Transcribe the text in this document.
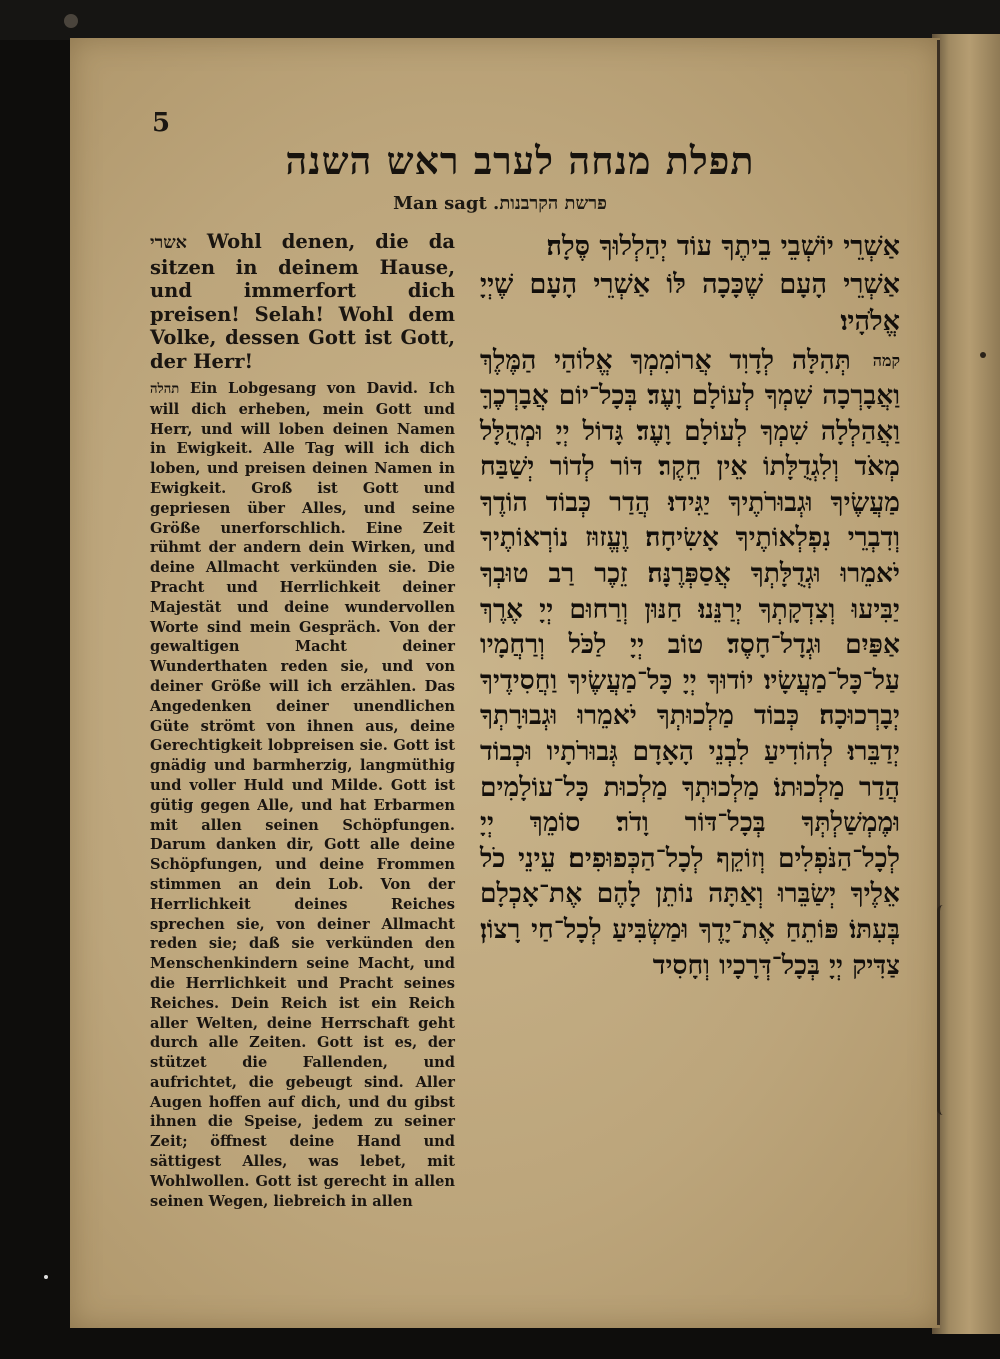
5
תפלת מנחה לערב ראש השנה
Man sagt פרשת הקרבנות.

אשרי Wohl denen, die da sitzen in deinem Hause, und immerfort dich preisen! Selah! Wohl dem Volke, dessen Gott ist Gott, der Herr!

תהלה Ein Lobgesang von David. Ich will dich erheben, mein Gott und Herr, und will loben deinen Namen in Ewigkeit. Alle Tag will ich dich loben, und preisen deinen Namen in Ewigkeit. Groß ist Gott und gepriesen über Alles, und seine Größe unerforschlich. Eine Zeit rühmt der andern dein Wirken, und deine Allmacht verkünden sie. Die Pracht und Herrlichkeit deiner Majestät und deine wundervollen Worte sind mein Gespräch. Von der gewaltigen Macht deiner Wunderthaten reden sie, und von deiner Größe will ich erzählen. Das Angedenken deiner unendlichen Güte strömt von ihnen aus, deine Gerechtigkeit lobpreisen sie. Gott ist gnädig und barmherzig, langmüthig und voller Huld und Milde. Gott ist gütig gegen Alle, und hat Erbarmen mit allen seinen Schöpfungen. Darum danken dir, Gott alle deine Schöpfungen, und deine Frommen stimmen an dein Lob. Von der Herrlichkeit deines Reiches sprechen sie, von deiner Allmacht reden sie; daß sie verkünden den Menschenkindern seine Macht, und die Herrlichkeit und Pracht seines Reiches. Dein Reich ist ein Reich aller Welten, deine Herrschaft geht durch alle Zeiten. Gott ist es, der stützet die Fallenden, und aufrichtet, die gebeugt sind. Aller Augen hoffen auf dich, und du gibst ihnen die Speise, jedem zu seiner Zeit; öffnest deine Hand und sättigest Alles, was lebet, mit Wohlwollen. Gott ist gerecht in allen seinen Wegen, liebreich in allen

אַשְׁרֵי יוֹשְׁבֵי בֵיתֶךָ עוֹד יְהַלְלוּךָ סֶּלָה׃

אַשְׁרֵי הָעָם שֶׁכָּכָה לּוֹ אַשְׁרֵי הָעָם שֶׁיְיָ אֱלֹהָיו׃

קמה תְּהִלָּה לְדָוִד אֲרוֹמִמְךָ אֱלוֹהַי הַמֶּלֶךְ וַאֲבָרְכָה שִׁמְךָ לְעוֹלָם וָעֶד׃ בְּכָל־יוֹם אֲבָרְכֶךָּ וַאֲהַלְלָה שִׁמְךָ לְעוֹלָם וָעֶד׃ גָּדוֹל יְיָ וּמְהֻלָּל מְאֹד וְלִגְדֻלָּתוֹ אֵין חֵקֶר׃ דּוֹר לְדוֹר יְשַׁבַּח מַעֲשֶׂיךָ וּגְבוּרֹתֶיךָ יַגִּידוּ׃ הֲדַר כְּבוֹד הוֹדֶךָ וְדִבְרֵי נִפְלְאוֹתֶיךָ אָשִׂיחָה׃ וֶעֱזוּז נוֹרְאוֹתֶיךָ יֹאמֵרוּ וּגְדֻלָּתְךָ אֲסַפְּרֶנָּה׃ זֵכֶר רַב טוּבְךָ יַבִּיעוּ וְצִדְקָתְךָ יְרַנֵּנוּ׃ חַנּוּן וְרַחוּם יְיָ אֶרֶךְ אַפַּיִם וּגְדָל־חָסֶד׃ טוֹב יְיָ לַכֹּל וְרַחֲמָיו עַל־כָּל־מַעֲשָׂיו׃ יוֹדוּךָ יְיָ כָּל־מַעֲשֶׂיךָ וַחֲסִידֶיךָ יְבָרְכוּכָה׃ כְּבוֹד מַלְכוּתְךָ יֹאמֵרוּ וּגְבוּרָתְךָ יְדַבֵּרוּ׃ לְהוֹדִיעַ לִבְנֵי הָאָדָם גְּבוּרֹתָיו וּכְבוֹד הֲדַר מַלְכוּתוֹ׃ מַלְכוּתְךָ מַלְכוּת כָּל־עוֹלָמִים וּמֶמְשַׁלְתְּךָ בְּכָל־דּוֹר וָדֹר׃ סוֹמֵךְ יְיָ לְכָל־הַנֹּפְלִים וְזוֹקֵף לְכָל־הַכְּפוּפִים׃ עֵינֵי כֹל אֵלֶיךָ יְשַׂבֵּרוּ וְאַתָּה נוֹתֵן לָהֶם אֶת־אָכְלָם בְּעִתּוֹ׃ פּוֹתֵחַ אֶת־יָדֶךָ וּמַשְׂבִּיעַ לְכָל־חַי רָצוֹן׃ צַדִּיק יְיָ בְּכָל־דְּרָכָיו וְחָסִיד
